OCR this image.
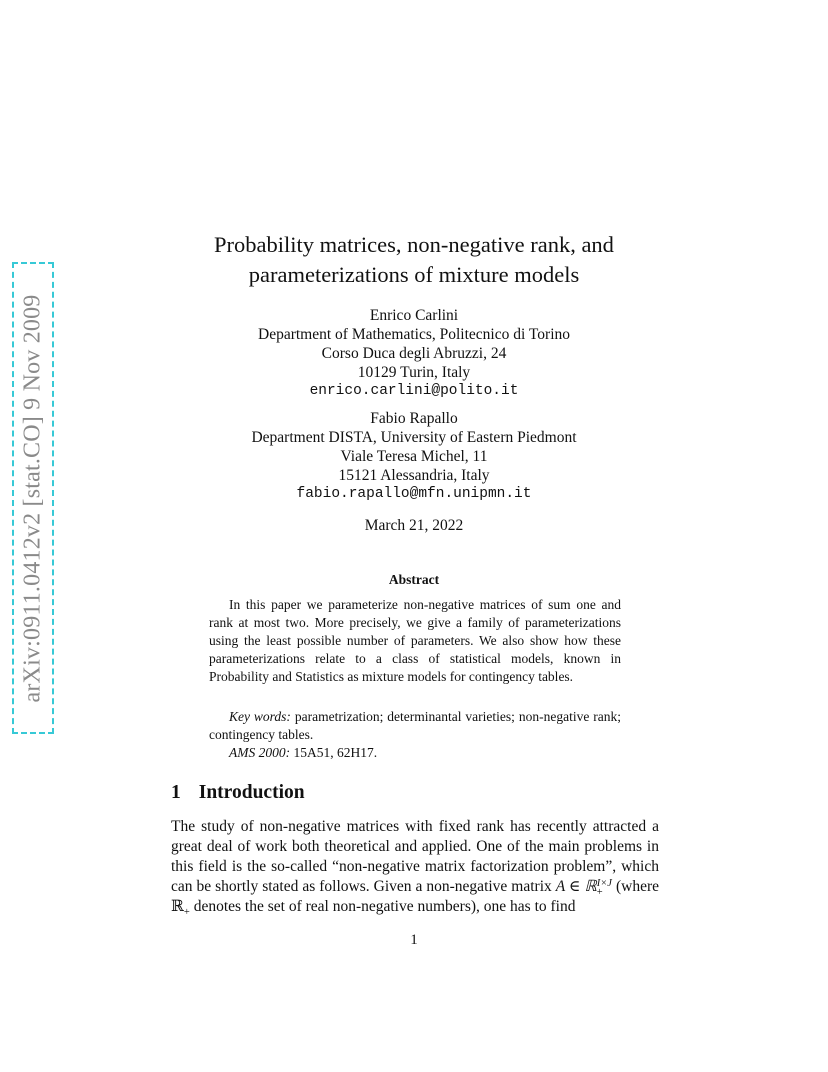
arXiv:0911.0412v2 [stat.CO] 9 Nov 2009
Probability matrices, non-negative rank, and
parameterizations of mixture models
Enrico Carlini
Department of Mathematics, Politecnico di Torino
Corso Duca degli Abruzzi, 24
10129 Turin, Italy
enrico.carlini@polito.it
Fabio Rapallo
Department DISTA, University of Eastern Piedmont
Viale Teresa Michel, 11
15121 Alessandria, Italy
fabio.rapallo@mfn.unipmn.it
March 21, 2022
Abstract
In this paper we parameterize non-negative matrices of sum one and rank at most two. More precisely, we give a family of parameterizations using the least possible number of parameters. We also show how these parameterizations relate to a class of statistical models, known in Probability and Statistics as mixture models for contingency tables.

Key words: parametrization; determinantal varieties; non-negative rank; contingency tables.

AMS 2000: 15A51, 62H17.

1 Introduction
The study of non-negative matrices with fixed rank has recently attracted a great deal of work both theoretical and applied. One of the main problems in this field is the so-called “non-negative matrix factorization problem”, which can be shortly stated as follows. Given a non-negative matrix A ∈ ℝ I×J
+ (where ℝ$_+$ denotes the set of real non-negative numbers), one has to find
1
